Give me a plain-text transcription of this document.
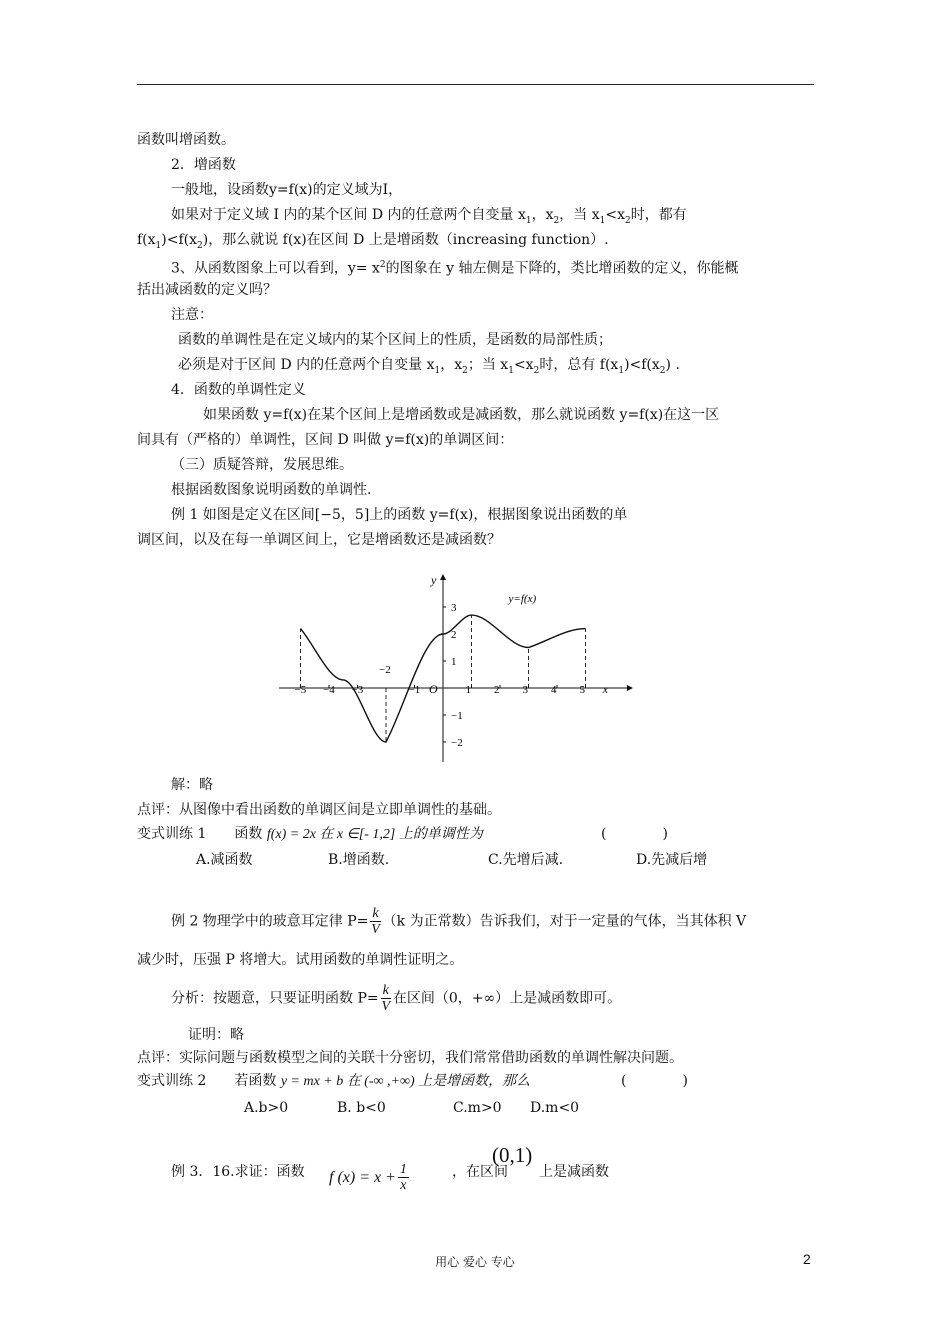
函数叫增函数。
2．增函数
一般地，设函数y=f(x)的定义域为I，
如果对于定义域 I 内的某个区间 D 内的任意两个自变量 $x_1$，$x_2$，当 $x_1<x_2$时，都有
$f(x_1)<f(x_2)$，那么就说 f(x)在区间 D 上是增函数（increasing function）.
3、从函数图象上可以看到，$y= x^2$的图象在 y 轴左侧是下降的，类比增函数的定义，你能概
括出减函数的定义吗？
注意：
函数的单调性是在定义域内的某个区间上的性质，是函数的局部性质；
必须是对于区间 D 内的任意两个自变量 $x_1$，$x_2$；当 $x_1<x_2$时，总有 $f(x_1)<f(x_2)$ .
4．函数的单调性定义
如果函数 y=f(x)在某个区间上是增函数或是减函数，那么就说函数 y=f(x)在这一区
间具有（严格的）单调性，区间 D 叫做 y=f(x)的单调区间：
（三）质疑答辩，发展思维。
根据函数图象说明函数的单调性.
例 1 如图是定义在区间[−5，5]上的函数 y=f(x)，根据图象说出函数的单
调区间，以及在每一单调区间上，它是增函数还是减函数？
x
y
O
y=f(x)
−5 −4 −3	−1	1 2 3 4 5
−2
3
2
1
−1
−2
解：略
点评：从图像中看出函数的单调区间是立即单调性的基础。
变式训练 1　　函数 f(x) = 2x 在 x ∈[- 1,2] 上的单调性为	(　　　　)
A.减函数	B.增函数.	C.先增后减.	D.先减后增
例 2 物理学中的玻意耳定律 $P= \frac{k}{V} (k$ 为正常数）告诉我们，对于一定量的气体，当其体积 V
减少时，压强 P 将增大。试用函数的单调性证明之。
分析：按题意，只要证明函数 $P= \frac{k}{V}$ 在区间（0，+∞）上是减函数即可。
证明：略
点评：实际问题与函数模型之间的关联十分密切，我们常常借助函数的单调性解决问题。
变式训练 2　　若函数 y = mx + b 在 (-∞ ,+∞) 上是增函数，那么	(　　　　)
A.b>0	B. b<0	C.m>0 D.m<0
例 3．16.求证：函数 f $(x) = x + \frac{1}{x}$	，在区间
(0,1)
上是减函数
用心 爱心 专心	2
